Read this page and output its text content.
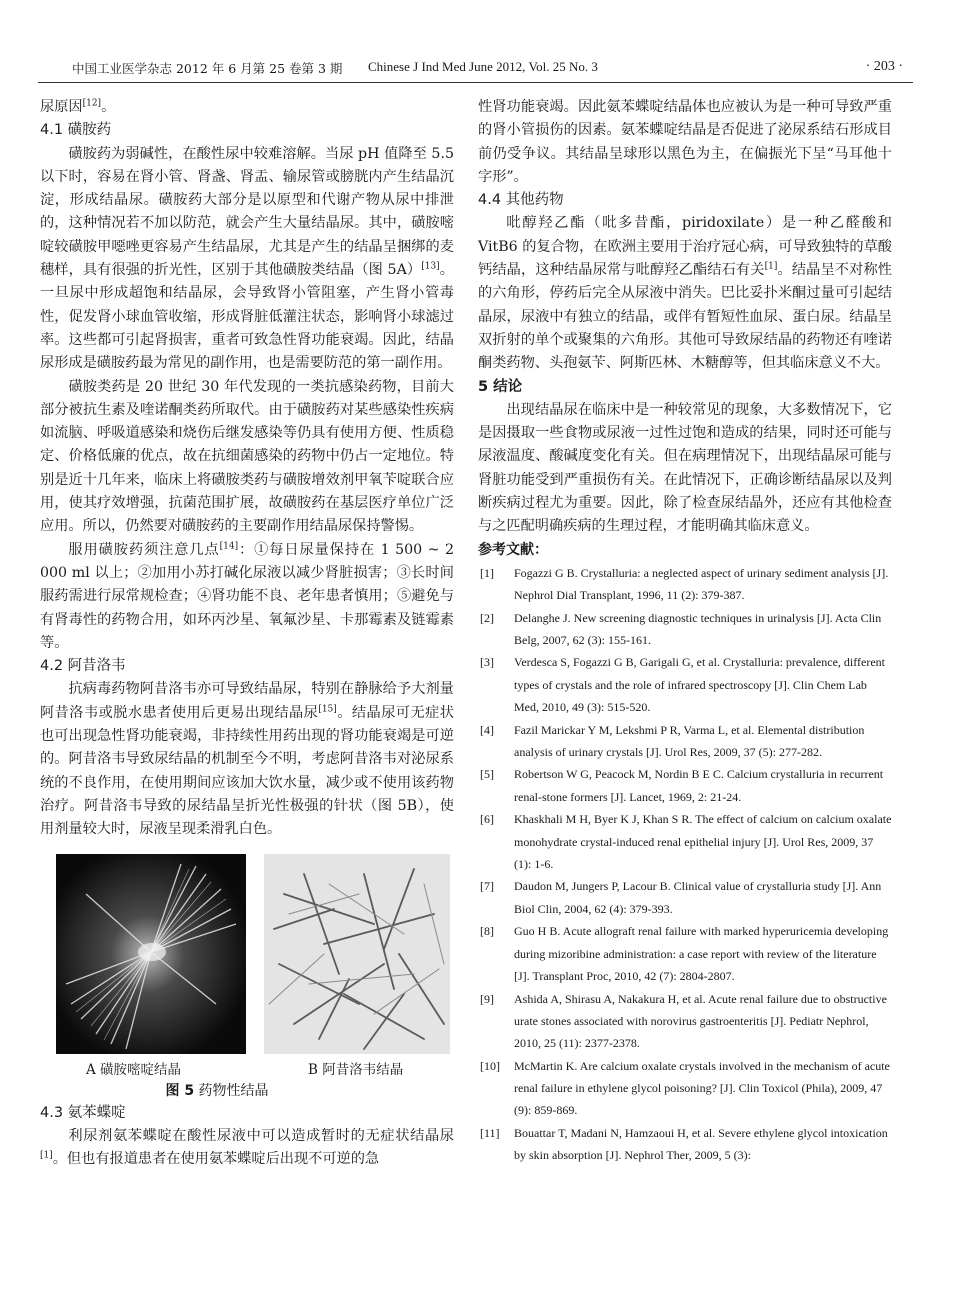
中国工业医学杂志 2012 年 6 月第 25 卷第 3 期 Chinese J Ind Med June 2012, Vol. 25 No. 3	· 203 ·

尿原因[12]。

4.1 磺胺药

磺胺药为弱碱性，在酸性尿中较难溶解。当尿 pH 值降至 5.5 以下时，容易在肾小管、肾盏、肾盂、输尿管或膀胱内产生结晶沉淀，形成结晶尿。磺胺药大部分是以原型和代谢产物从尿中排泄的，这种情况若不加以防范，就会产生大量结晶尿。其中，磺胺嘧啶较磺胺甲噁唑更容易产生结晶尿，尤其是产生的结晶呈捆绑的麦穗样，具有很强的折光性，区别于其他磺胺类结晶（图 5A）[13]。一旦尿中形成超饱和结晶尿，会导致肾小管阻塞，产生肾小管毒性，促发肾小球血管收缩，形成肾脏低灌注状态，影响肾小球滤过率。这些都可引起肾损害，重者可致急性肾功能衰竭。因此，结晶尿形成是磺胺药最为常见的副作用，也是需要防范的第一副作用。

磺胺类药是 20 世纪 30 年代发现的一类抗感染药物，目前大部分被抗生素及喹诺酮类药所取代。由于磺胺药对某些感染性疾病如流脑、呼吸道感染和烧伤后继发感染等仍具有使用方便、性质稳定、价格低廉的优点，故在抗细菌感染的药物中仍占一定地位。特别是近十几年来，临床上将磺胺类药与磺胺增效剂甲氧苄啶联合应用，使其疗效增强，抗菌范围扩展，故磺胺药在基层医疗单位广泛应用。所以，仍然要对磺胺药的主要副作用结晶尿保持警惕。

服用磺胺药须注意几点[14]：①每日尿量保持在 1 500 ~ 2 000 ml 以上；②加用小苏打碱化尿液以减少肾脏损害；③长时间服药需进行尿常规检查；④肾功能不良、老年患者慎用；⑤避免与有肾毒性的药物合用，如环丙沙星、氧氟沙星、卡那霉素及链霉素等。

4.2 阿昔洛韦

抗病毒药物阿昔洛韦亦可导致结晶尿，特别在静脉给予大剂量阿昔洛韦或脱水患者使用后更易出现结晶尿[15]。结晶尿可无症状也可出现急性肾功能衰竭，非持续性用药出现的肾功能衰竭是可逆的。阿昔洛韦导致尿结晶的机制至今不明，考虑阿昔洛韦对泌尿系统的不良作用，在使用期间应该加大饮水量，减少或不使用该药物治疗。阿昔洛韦导致的尿结晶呈折光性极强的针状（图 5B），使用剂量较大时，尿液呈现柔滑乳白色。

A 磺胺嘧啶结晶	B 阿昔洛韦结晶

图 5 药物性结晶

4.3 氨苯蝶啶

利尿剂氨苯蝶啶在酸性尿液中可以造成暂时的无症状结晶尿[1]。但也有报道患者在使用氨苯蝶啶后出现不可逆的急

性肾功能衰竭。因此氨苯蝶啶结晶体也应被认为是一种可导致严重的肾小管损伤的因素。氨苯蝶啶结晶是否促进了泌尿系结石形成目前仍受争议。其结晶呈球形以黑色为主，在偏振光下呈“马耳他十字形”。

4.4 其他药物

吡醇羟乙酯（吡多昔酯，piridoxilate）是一种乙醛酸和 VitB6 的复合物，在欧洲主要用于治疗冠心病，可导致独特的草酸钙结晶，这种结晶尿常与吡醇羟乙酯结石有关[1]。结晶呈不对称性的六角形，停药后完全从尿液中消失。巴比妥扑米酮过量可引起结晶尿，尿液中有独立的结晶，或伴有暂短性血尿、蛋白尿。结晶呈双折射的单个或聚集的六角形。其他可导致尿结晶的药物还有喹诺酮类药物、头孢氨苄、阿斯匹林、木糖醇等，但其临床意义不大。

5 结论

出现结晶尿在临床中是一种较常见的现象，大多数情况下，它是因摄取一些食物或尿液一过性过饱和造成的结果，同时还可能与尿液温度、酸碱度变化有关。但在病理情况下，出现结晶尿可能与肾脏功能受到严重损伤有关。在此情况下，正确诊断结晶尿以及判断疾病过程尤为重要。因此，除了检查尿结晶外，还应有其他检查与之匹配明确疾病的生理过程，才能明确其临床意义。

参考文献：

[1] Fogazzi G B. Crystalluria: a neglected aspect of urinary sediment analysis [J]. Nephrol Dial Transplant, 1996, 11 (2): 379-387.

[2] Delanghe J. New screening diagnostic techniques in urinalysis [J]. Acta Clin Belg, 2007, 62 (3): 155-161.

[3] Verdesca S, Fogazzi G B, Garigali G, et al. Crystalluria: prevalence, different types of crystals and the role of infrared spectroscopy [J]. Clin Chem Lab Med, 2010, 49 (3): 515-520.

[4] Fazil Marickar Y M, Lekshmi P R, Varma L, et al. Elemental distribution analysis of urinary crystals [J]. Urol Res, 2009, 37 (5): 277-282.

[5] Robertson W G, Peacock M, Nordin B E C. Calcium crystalluria in recurrent renal-stone formers [J]. Lancet, 1969, 2: 21-24.

[6] Khaskhali M H, Byer K J, Khan S R. The effect of calcium on calcium oxalate monohydrate crystal-induced renal epithelial injury [J]. Urol Res, 2009, 37 (1): 1-6.

[7] Daudon M, Jungers P, Lacour B. Clinical value of crystalluria study [J]. Ann Biol Clin, 2004, 62 (4): 379-393.

[8] Guo H B. Acute allograft renal failure with marked hyperuricemia developing during mizoribine administration: a case report with review of the literature [J]. Transplant Proc, 2010, 42 (7): 2804-2807.

[9] Ashida A, Shirasu A, Nakakura H, et al. Acute renal failure due to obstructive urate stones associated with norovirus gastroenteritis [J]. Pediatr Nephrol, 2010, 25 (11): 2377-2378.

[10] McMartin K. Are calcium oxalate crystals involved in the mechanism of acute renal failure in ethylene glycol poisoning? [J]. Clin Toxicol (Phila), 2009, 47 (9): 859-869.

[11] Bouattar T, Madani N, Hamzaoui H, et al. Severe ethylene glycol intoxication by skin absorption [J]. Nephrol Ther, 2009, 5 (3):
